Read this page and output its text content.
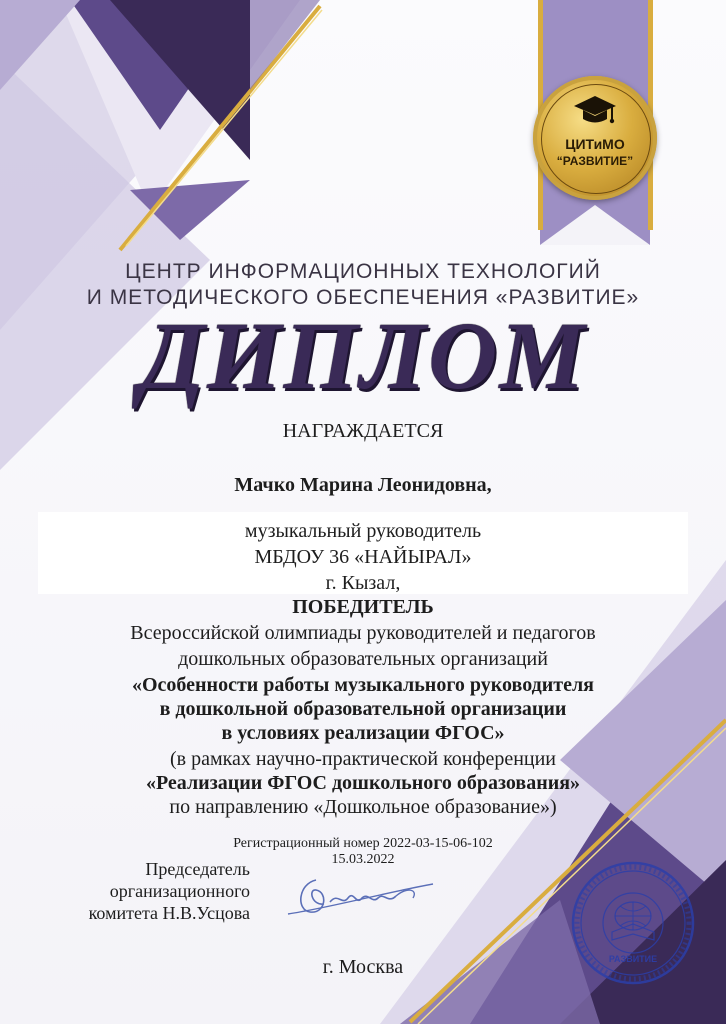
ЦИТиМО
“РАЗВИТИЕ”
ЦЕНТР ИНФОРМАЦИОННЫХ ТЕХНОЛОГИЙ
И МЕТОДИЧЕСКОГО ОБЕСПЕЧЕНИЯ «РАЗВИТИЕ»
ДИПЛОМ
НАГРАЖДАЕТСЯ
Мачко Марина Леонидовна,
музыкальный руководитель
МБДОУ 36 «НАЙЫРАЛ»
г. Кызал,
ПОБЕДИТЕЛЬ
Всероссийской олимпиады руководителей и педагогов
дошкольных образовательных организаций
«Особенности работы музыкального руководителя
в дошкольной образовательной организации
в условиях реализации ФГОС»
(в рамках научно-практической конференции
«Реализации ФГОС дошкольного образования»
по направлению «Дошкольное образование»)
Регистрационный номер 2022-03-15-06-102
15.03.2022
Председатель
организационного
комитета Н.В.Усцова
РАЗВИТИЕ
г. Москва
